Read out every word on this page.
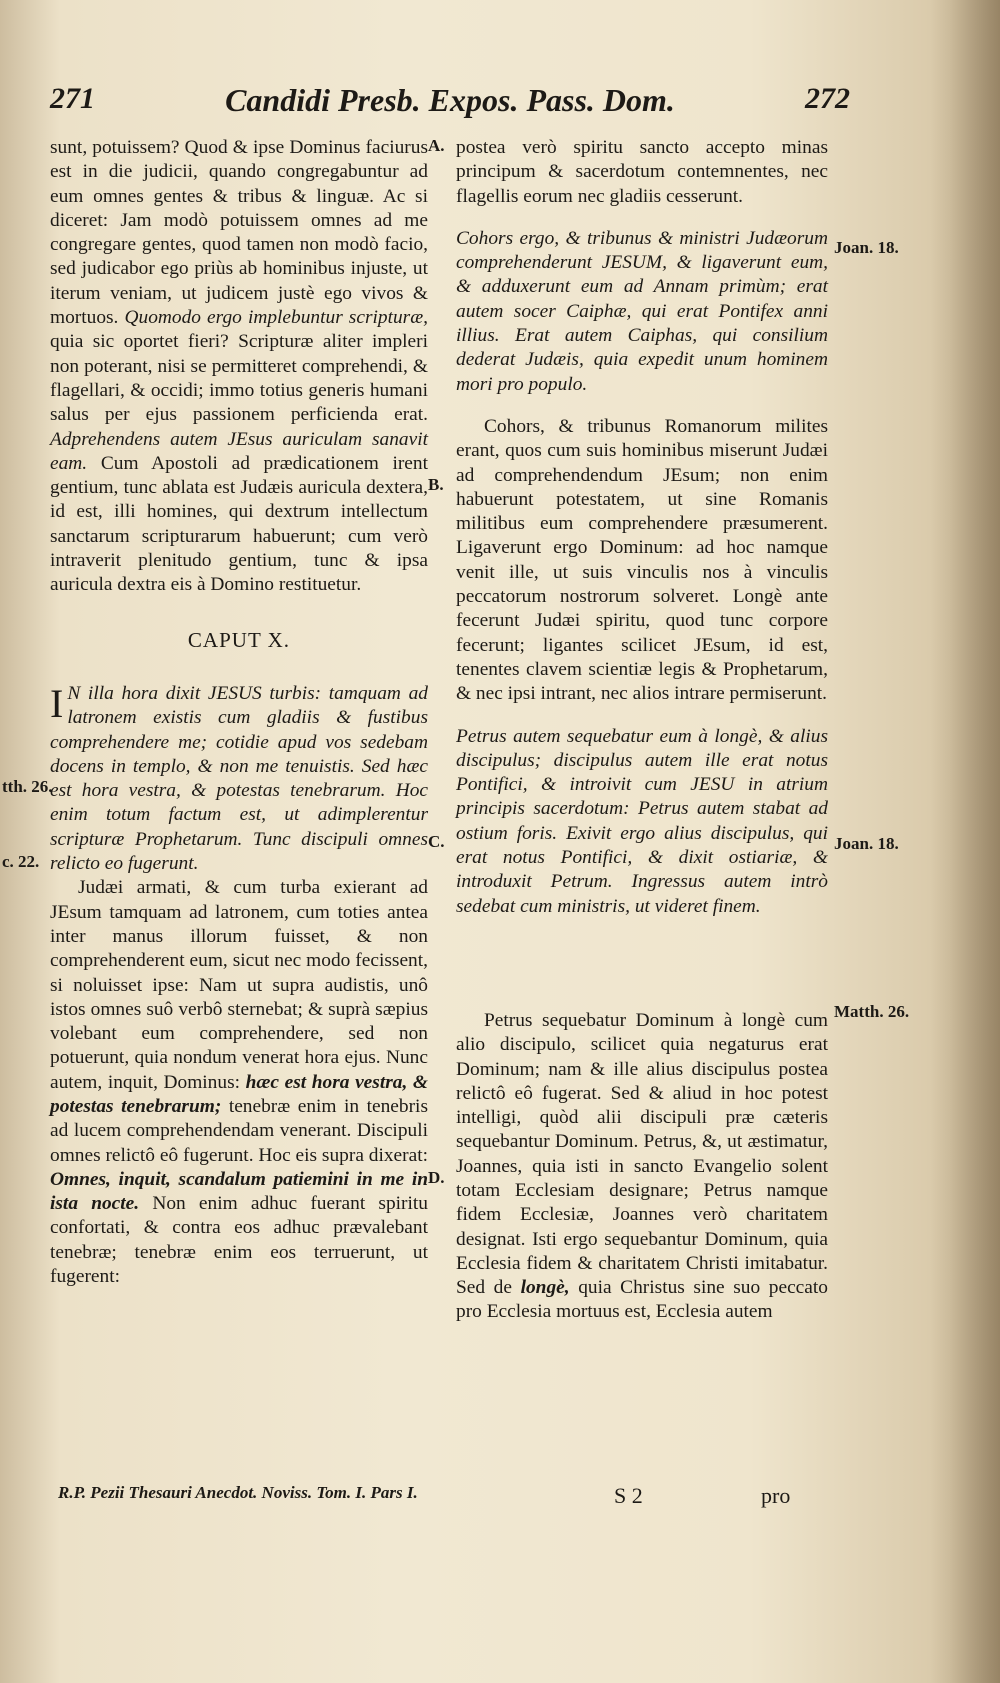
271	Candidi Presb. Expos. Pass. Dom.	272

sunt, potuissem? Quod & ipse Dominus faciurus est in die judicii, quando congregabuntur ad eum omnes gentes & tribus & linguæ. Ac si diceret: Jam modò potuissem omnes ad me congregare gentes, quod tamen non modò facio, sed judicabor ego priùs ab hominibus injuste, ut iterum veniam, ut judicem justè ego vivos & mortuos. Quomodo ergo implebuntur scripturæ, quia sic oportet fieri? Scripturæ aliter impleri non poterant, nisi se permitteret comprehendi, & flagellari, & occidi; immo totius generis humani salus per ejus passionem perficienda erat. Adprehendens autem JEsus auriculam sanavit eam. Cum Apostoli ad prædicationem irent gentium, tunc ablata est Judæis auricula dextera, id est, illi homines, qui dextrum intellectum sanctarum scripturarum habuerunt; cum verò intraverit plenitudo gentium, tunc & ipsa auricula dextra eis à Domino restituetur.

CAPUT X.

I N illa hora dixit JESUS turbis: tamquam ad latronem existis cum gladiis & fustibus comprehendere me; cotidie apud vos sedebam docens in templo, & non me tenuistis. Sed hæc est hora vestra, & potestas tenebrarum. Hoc enim totum factum est, ut adimplerentur scripturæ Prophetarum. Tunc discipuli omnes relicto eo fugerunt.

Judæi armati, & cum turba exierant ad JEsum tamquam ad latronem, cum toties antea inter manus illorum fuisset, & non comprehenderent eum, sicut nec modo fecissent, si noluisset ipse: Nam ut supra audistis, unô istos omnes suô verbô sternebat; & suprà sæpius volebant eum comprehendere, sed non potuerunt, quia nondum venerat hora ejus. Nunc autem, inquit, Dominus: hæc est hora vestra, & potestas tenebrarum; tenebræ enim in tenebris ad lucem comprehendendam venerant. Discipuli omnes relictô eô fugerunt. Hoc eis supra dixerat: Omnes, inquit, scandalum patiemini in me in ista nocte. Non enim adhuc fuerant spiritu confortati, & contra eos adhuc prævalebant tenebræ; tenebræ enim eos terruerunt, ut fugerent:

postea verò spiritu sancto accepto minas principum & sacerdotum contemnentes, nec flagellis eorum nec gladiis cesserunt.

Cohors ergo, & tribunus & ministri Judæorum comprehenderunt JESUM, & ligaverunt eum, & adduxerunt eum ad Annam primùm; erat autem socer Caiphæ, qui erat Pontifex anni illius. Erat autem Caiphas, qui consilium dederat Judæis, quia expedit unum hominem mori pro populo.

Cohors, & tribunus Romanorum milites erant, quos cum suis hominibus miserunt Judæi ad comprehendendum JEsum; non enim habuerunt potestatem, ut sine Romanis militibus eum comprehendere præsumerent. Ligaverunt ergo Dominum: ad hoc namque venit ille, ut suis vinculis nos à vinculis peccatorum nostrorum solveret. Longè ante fecerunt Judæi spiritu, quod tunc corpore fecerunt; ligantes scilicet JEsum, id est, tenentes clavem scientiæ legis & Prophetarum, & nec ipsi intrant, nec alios intrare permiserunt.

Petrus autem sequebatur eum à longè, & alius discipulus; discipulus autem ille erat notus Pontifici, & introivit cum JESU in atrium principis sacerdotum: Petrus autem stabat ad ostium foris. Exivit ergo alius discipulus, qui erat notus Pontifici, & dixit ostiariæ, & introduxit Petrum. Ingressus autem intrò sedebat cum ministris, ut videret finem.

Petrus sequebatur Dominum à longè cum alio discipulo, scilicet quia negaturus erat Dominum; nam & ille alius discipulus postea relictô eô fugerat. Sed & aliud in hoc potest intelligi, quòd alii discipuli præ cæteris sequebantur Dominum. Petrus, &, ut æstimatur, Joannes, quia isti in sancto Evangelio solent totam Ecclesiam designare; Petrus namque fidem Ecclesiæ, Joannes verò charitatem designat. Isti ergo sequebantur Dominum, quia Ecclesia fidem & charitatem Christi imitabatur. Sed de longè, quia Christus sine suo peccato pro Ecclesia mortuus est, Ecclesia autem

A.
B.
C.
D.
Joan. 18.
tth. 26.
c. 22.
Joan. 18.
Matth. 26.
R.P. Pezii Thesauri Anecdot. Noviss. Tom. I. Pars I.	S 2	pro
